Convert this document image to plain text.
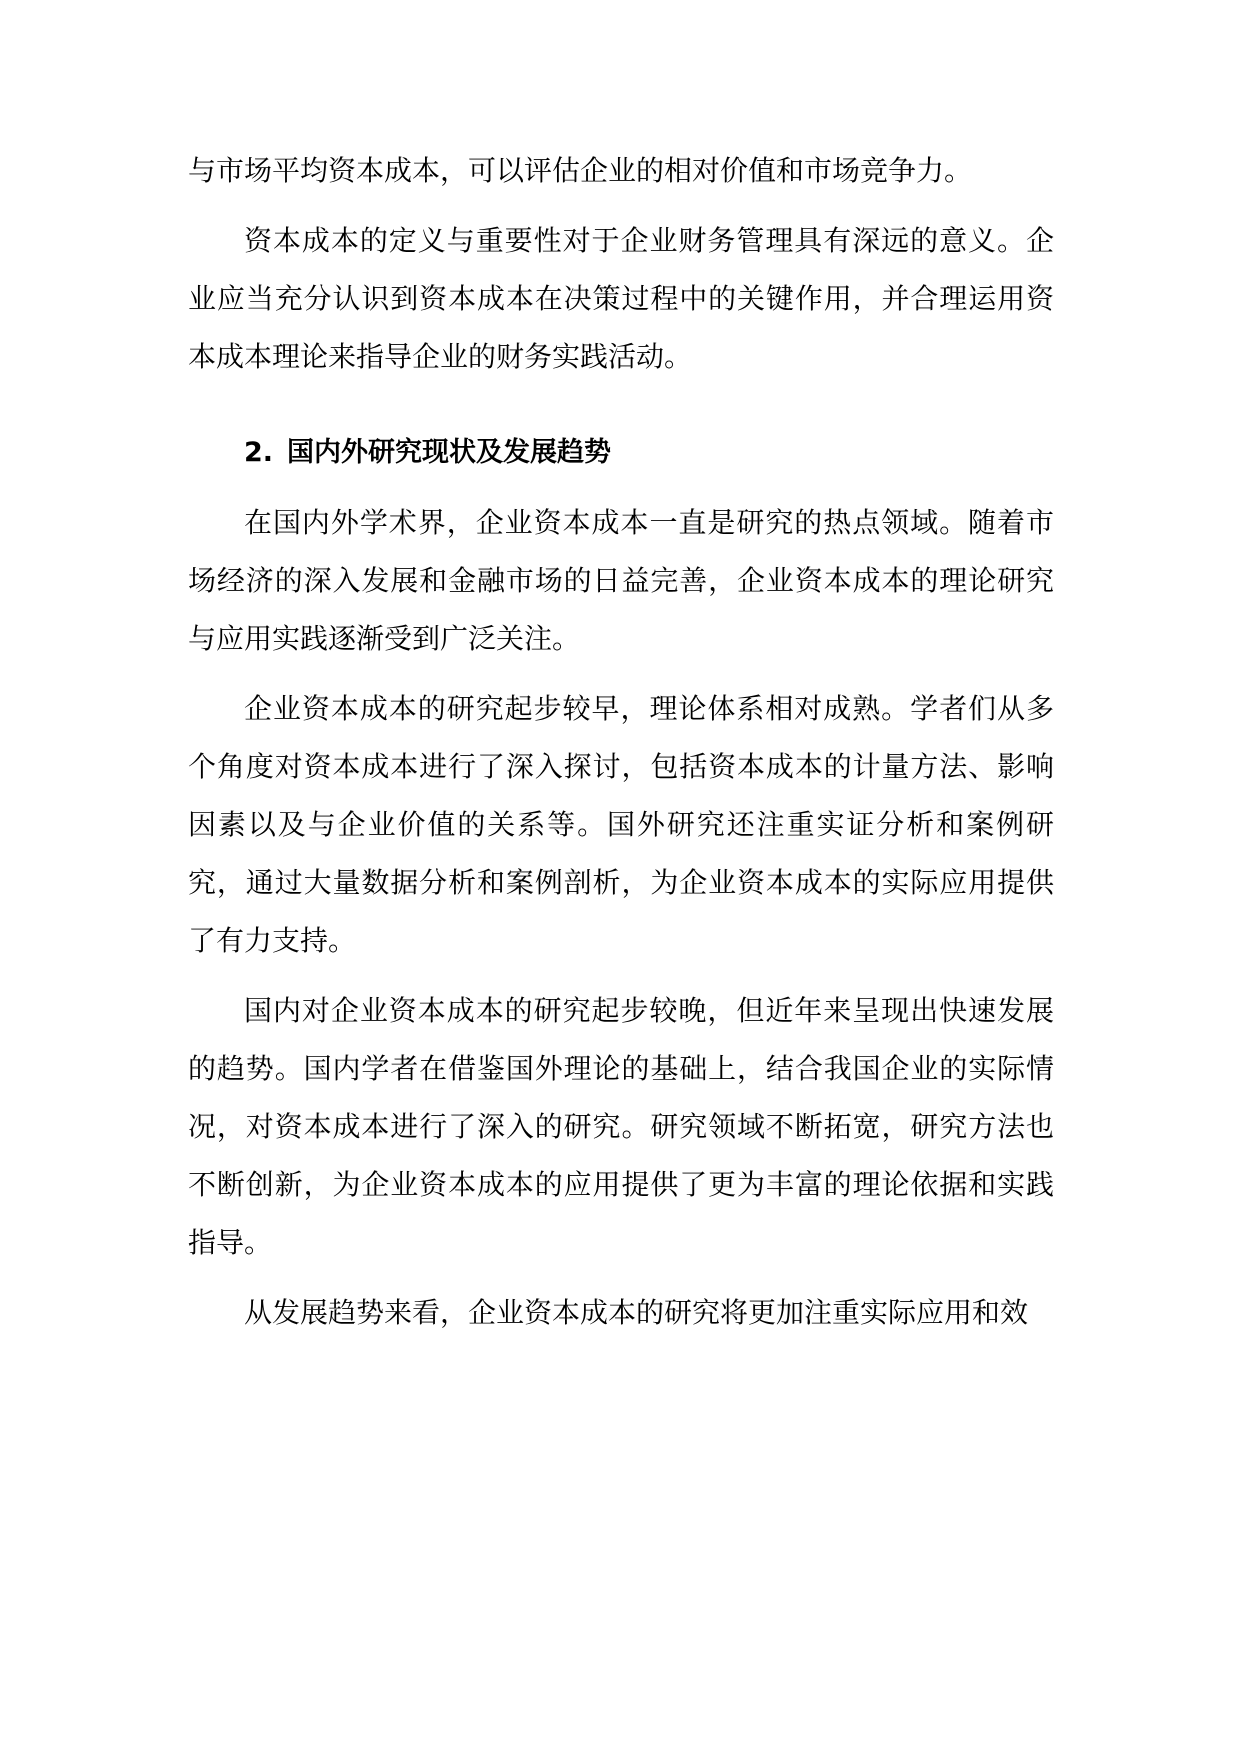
与市场平均资本成本，可以评估企业的相对价值和市场竞争力。

资本成本的定义与重要性对于企业财务管理具有深远的意义。企业应当充分认识到资本成本在决策过程中的关键作用，并合理运用资本成本理论来指导企业的财务实践活动。

2. 国内外研究现状及发展趋势

在国内外学术界，企业资本成本一直是研究的热点领域。随着市场经济的深入发展和金融市场的日益完善，企业资本成本的理论研究与应用实践逐渐受到广泛关注。

企业资本成本的研究起步较早，理论体系相对成熟。学者们从多个角度对资本成本进行了深入探讨，包括资本成本的计量方法、影响因素以及与企业价值的关系等。国外研究还注重实证分析和案例研究，通过大量数据分析和案例剖析，为企业资本成本的实际应用提供了有力支持。

国内对企业资本成本的研究起步较晚，但近年来呈现出快速发展的趋势。国内学者在借鉴国外理论的基础上，结合我国企业的实际情况，对资本成本进行了深入的研究。研究领域不断拓宽，研究方法也不断创新，为企业资本成本的应用提供了更为丰富的理论依据和实践指导。

从发展趋势来看，企业资本成本的研究将更加注重实际应用和效
